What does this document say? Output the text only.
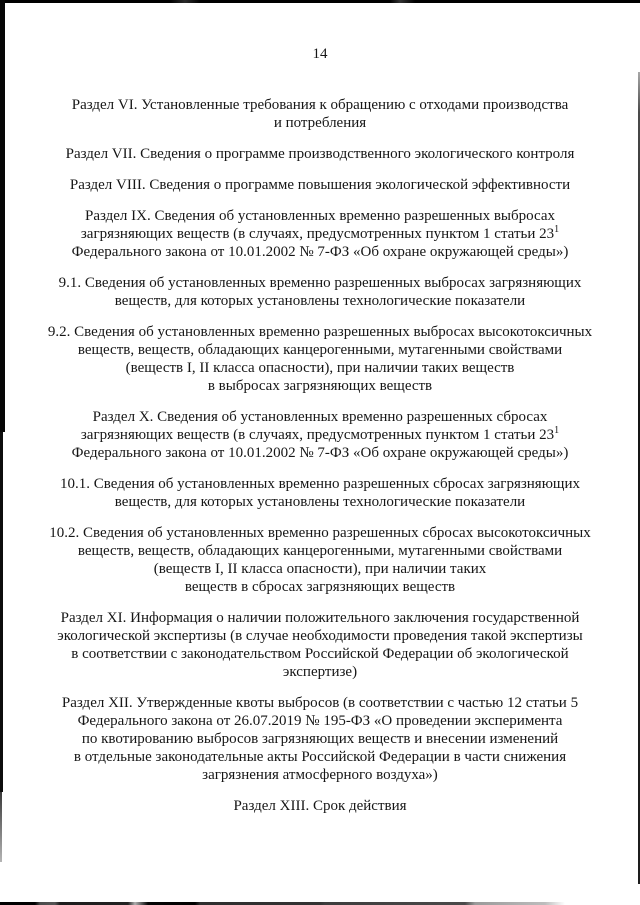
14

Раздел VI. Установленные требования к обращению с отходами производства
и потребления

Раздел VII. Сведения о программе производственного экологического контроля

Раздел VIII. Сведения о программе повышения экологической эффективности

Раздел IX. Сведения об установленных временно разрешенных выбросах
загрязняющих веществ (в случаях, предусмотренных пунктом 1 статьи $23^1$
Федерального закона от 10.01.2002 № 7-ФЗ «Об охране окружающей среды»)

9.1. Сведения об установленных временно разрешенных выбросах загрязняющих
веществ, для которых установлены технологические показатели

9.2. Сведения об установленных временно разрешенных выбросах высокотоксичных
веществ, веществ, обладающих канцерогенными, мутагенными свойствами
(веществ I, II класса опасности), при наличии таких веществ
в выбросах загрязняющих веществ

Раздел X. Сведения об установленных временно разрешенных сбросах
загрязняющих веществ (в случаях, предусмотренных пунктом 1 статьи $23^1$
Федерального закона от 10.01.2002 № 7-ФЗ «Об охране окружающей среды»)

10.1. Сведения об установленных временно разрешенных сбросах загрязняющих
веществ, для которых установлены технологические показатели

10.2. Сведения об установленных временно разрешенных сбросах высокотоксичных
веществ, веществ, обладающих канцерогенными, мутагенными свойствами
(веществ I, II класса опасности), при наличии таких
веществ в сбросах загрязняющих веществ

Раздел XI. Информация о наличии положительного заключения государственной
экологической экспертизы (в случае необходимости проведения такой экспертизы
в соответствии с законодательством Российской Федерации об экологической
экспертизе)

Раздел XII. Утвержденные квоты выбросов (в соответствии с частью 12 статьи 5
Федерального закона от 26.07.2019 № 195-ФЗ «О проведении эксперимента
по квотированию выбросов загрязняющих веществ и внесении изменений
в отдельные законодательные акты Российской Федерации в части снижения
загрязнения атмосферного воздуха»)

Раздел XIII. Срок действия
